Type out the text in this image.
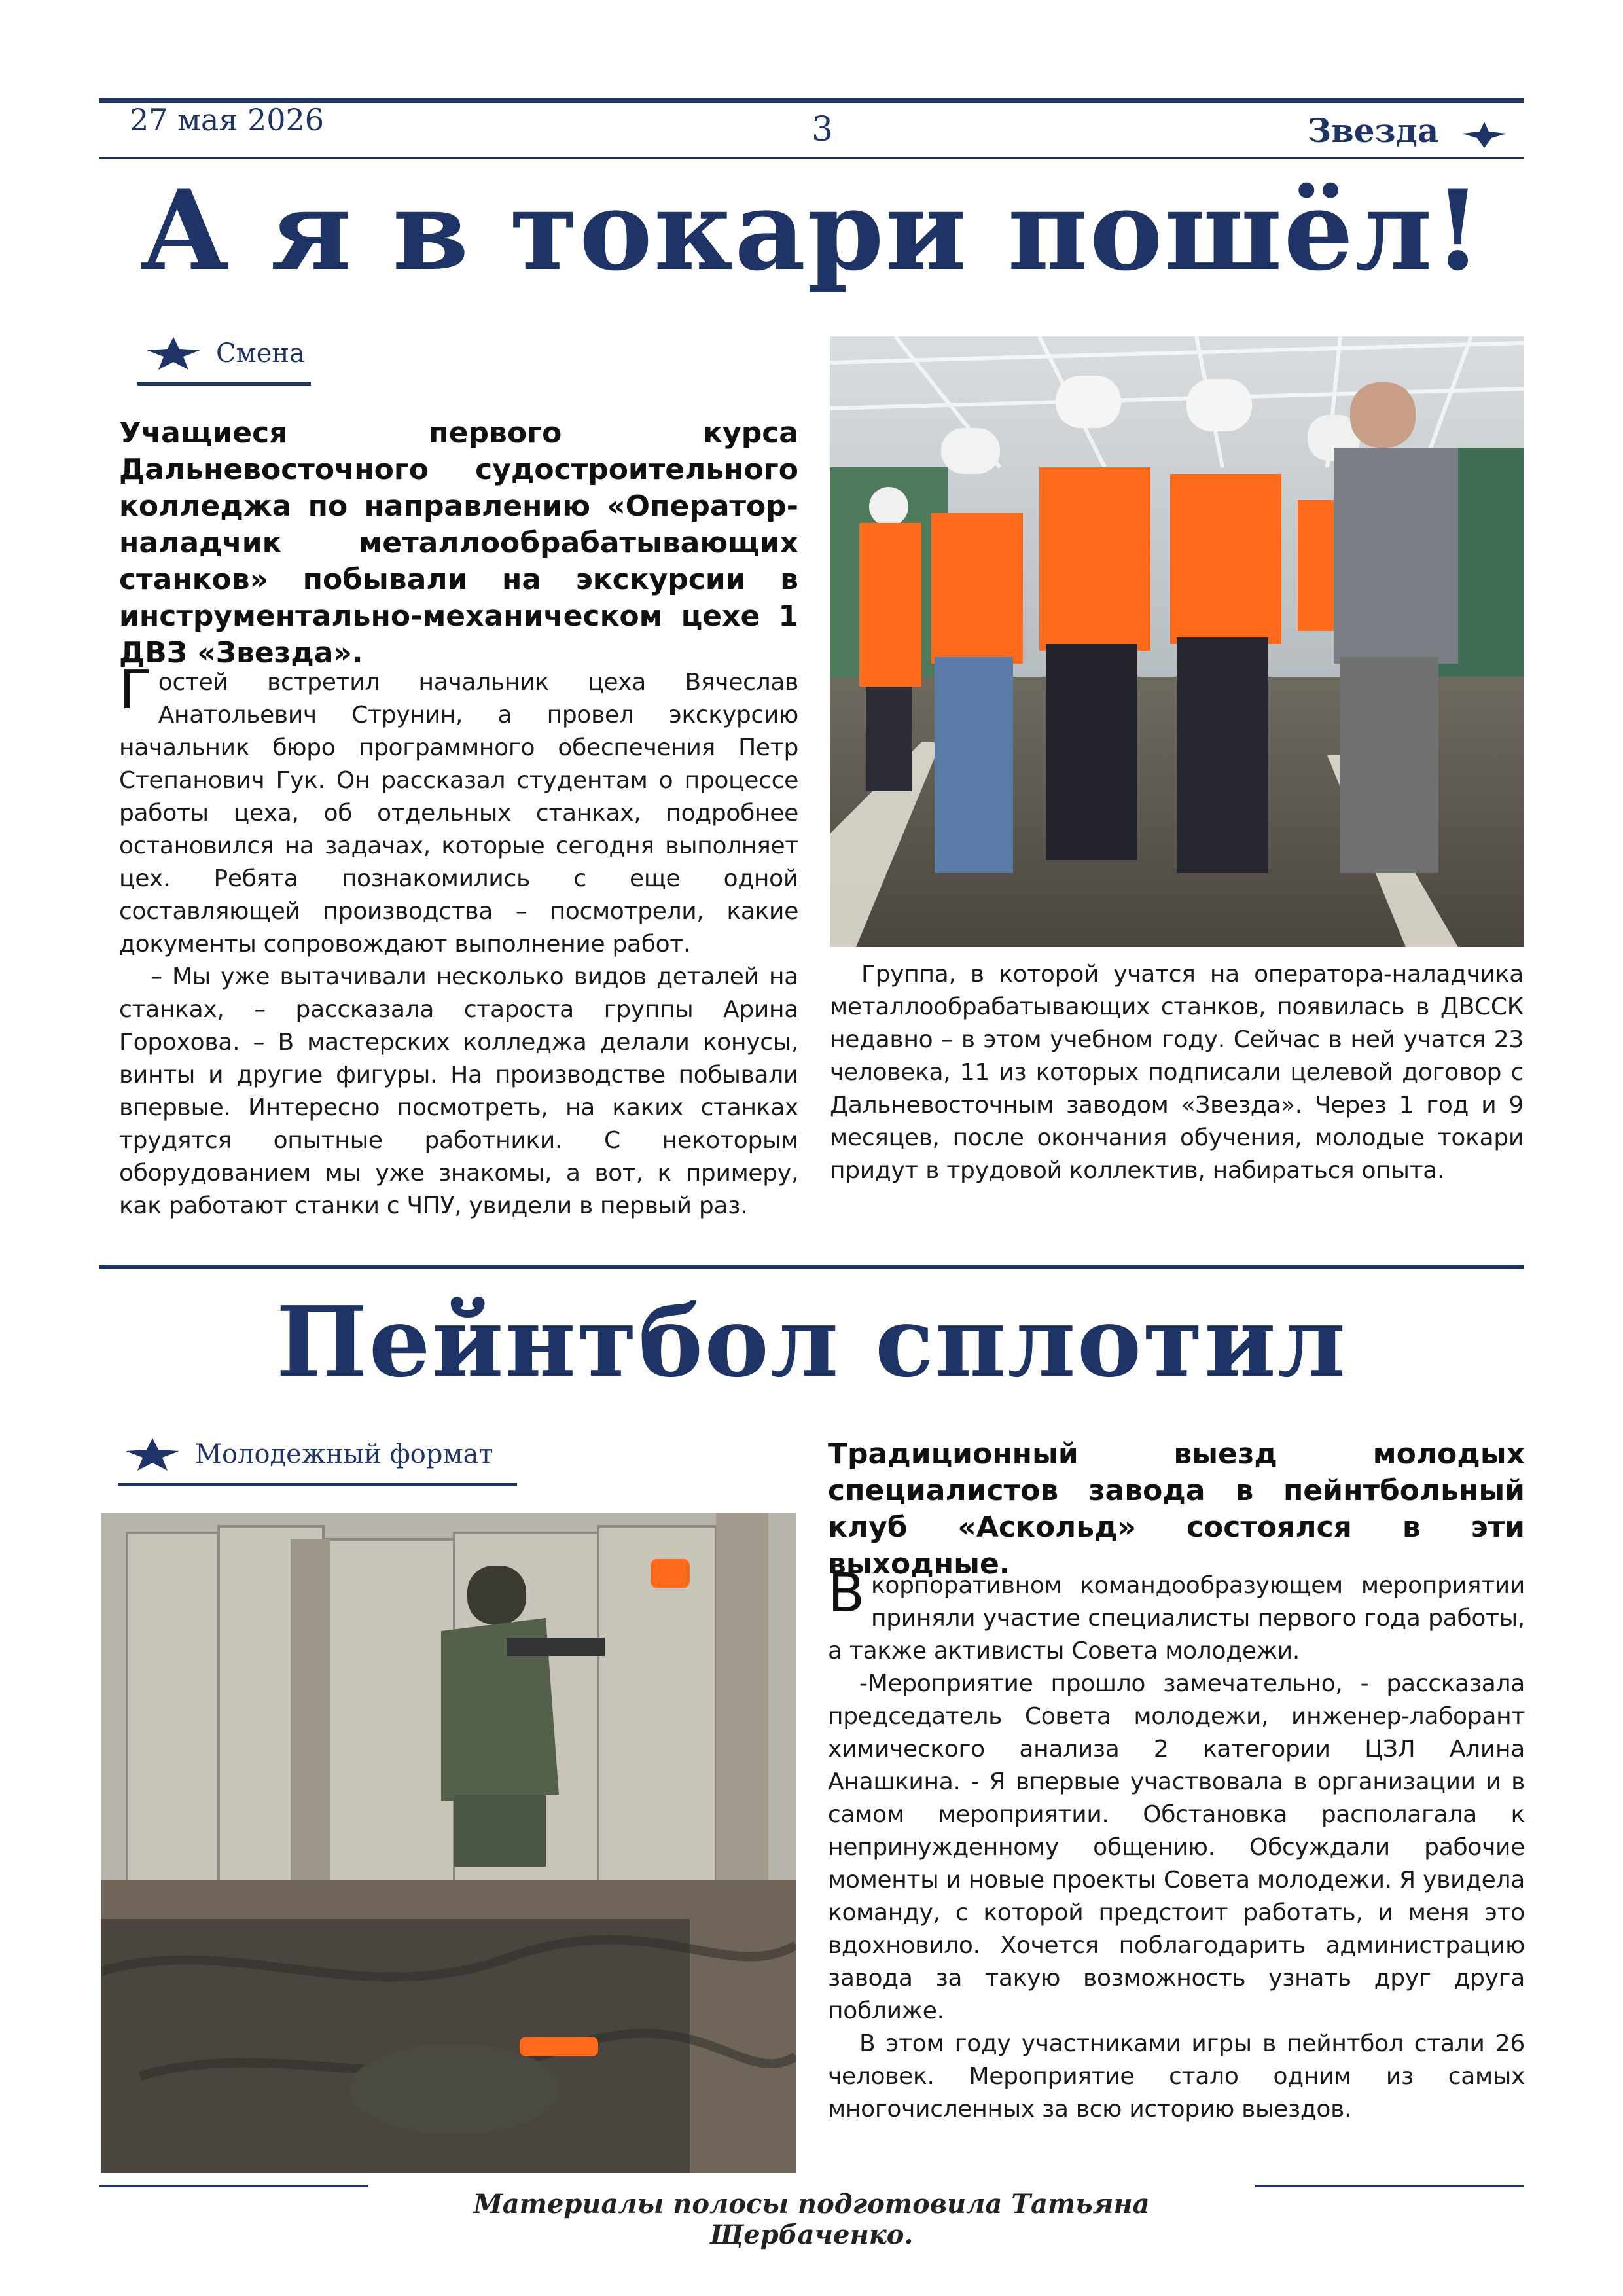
27 мая 2026	3	Звезда
А я в токари пошёл!
Смена
Учащиеся первого курса Дальневосточного судостроительного колледжа по направлению «Оператор-наладчик металлообрабатывающих станков» побывали на экскурсии в инструментально-механическом цехе 1 ДВЗ «Звезда».

Гостей встретил начальник цеха Вячеслав Анатольевич Струнин, а провел экскурсию начальник бюро программного обеспечения Петр Степанович Гук. Он рассказал студентам о процессе работы цеха, об отдельных станках, подробнее остановился на задачах, которые сегодня выполняет цех. Ребята познакомились с еще одной составляющей производства – посмотрели, какие документы сопровождают выполнение работ.

– Мы уже вытачивали несколько видов деталей на станках, – рассказала староста группы Арина Горохова. – В мастерских колледжа делали конусы, винты и другие фигуры. На производстве побывали впервые. Интересно посмотреть, на каких станках трудятся опытные работники. С некоторым оборудованием мы уже знакомы, а вот, к примеру, как работают станки с ЧПУ, увидели в первый раз.

Группа, в которой учатся на оператора-наладчика металлообрабатывающих станков, появилась в ДВССК недавно – в этом учебном году. Сейчас в ней учатся 23 человека, 11 из которых подписали целевой договор с Дальневосточным заводом «Звезда». Через 1 год и 9 месяцев, после окончания обучения, молодые токари придут в трудовой коллектив, набираться опыта.

Пейнтбол сплотил
Молодежный формат	Традиционный выезд молодых специалистов завода в пейнтбольный клуб «Аскольд» состоялся в эти выходные.

Вкорпоративном командообразующем мероприятии приняли участие специалисты первого года работы, а также активисты Совета молодежи.

-Мероприятие прошло замечательно, - рассказала председатель Совета молодежи, инженер-лаборант химического анализа 2 категории ЦЗЛ Алина Анашкина. - Я впервые участвовала в организации и в самом мероприятии. Обстановка располагала к непринужденному общению. Обсуждали рабочие моменты и новые проекты Совета молодежи. Я увидела команду, с которой предстоит работать, и меня это вдохновило. Хочется поблагодарить администрацию завода за такую возможность узнать друг друга поближе.

В этом году участниками игры в пейнтбол стали 26 человек. Мероприятие стало одним из самых многочисленных за всю историю выездов.

Материалы полосы подготовила Татьяна Щербаченко.
